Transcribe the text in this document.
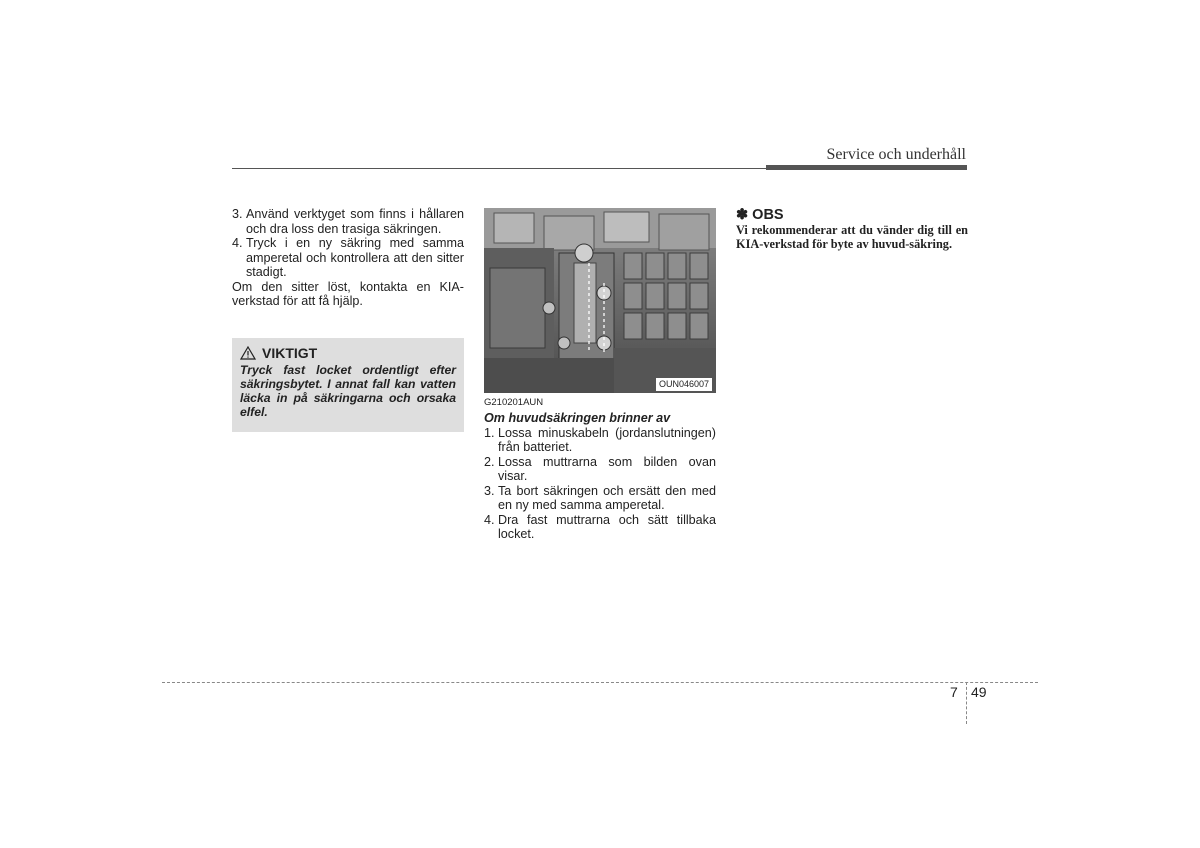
Service och underhåll
3. Använd verktyget som finns i hållaren och dra loss den trasiga säkringen.
4. Tryck i en ny säkring med samma amperetal och kontrollera att den sitter stadigt.
Om den sitter löst, kontakta en KIA-verkstad för att få hjälp.
VIKTIGT
Tryck fast locket ordentligt efter säkringsbytet. I annat fall kan vatten läcka in på säkringarna och orsaka elfel.
OUN046007
G210201AUN
Om huvudsäkringen brinner av
1. Lossa minuskabeln (jordanslutningen) från batteriet.
2. Lossa muttrarna som bilden ovan visar.
3. Ta bort säkringen och ersätt den med en ny med samma amperetal.
4. Dra fast muttrarna och sätt tillbaka locket.
✽ OBS
Vi rekommenderar att du vänder dig till en KIA-verkstad för byte av huvud-säkring.
7 49
